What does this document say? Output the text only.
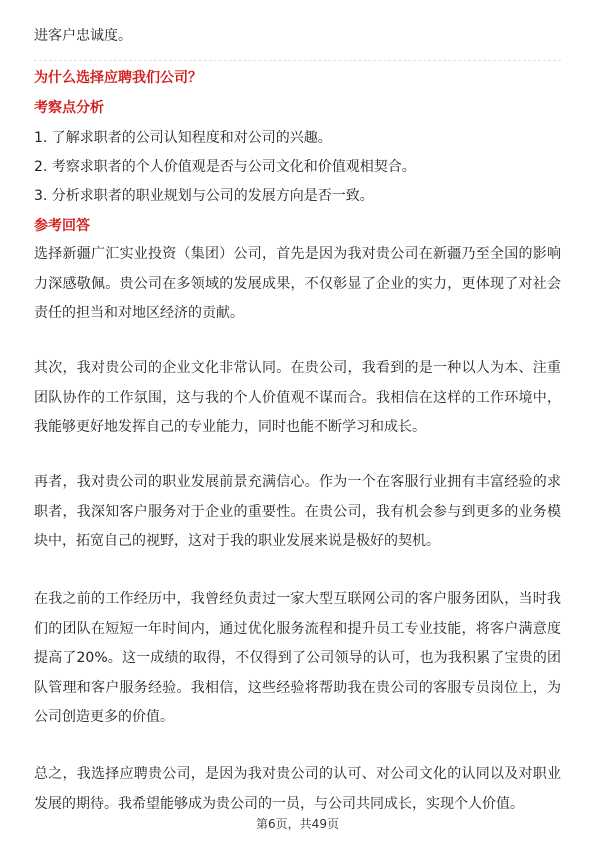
进客户忠诚度。

为什么选择应聘我们公司？
考察点分析
1. 了解求职者的公司认知程度和对公司的兴趣。
2. 考察求职者的个人价值观是否与公司文化和价值观相契合。
3. 分析求职者的职业规划与公司的发展方向是否一致。
参考回答

选择新疆广汇实业投资（集团）公司，首先是因为我对贵公司在新疆乃至全国的影响力深感敬佩。贵公司在多领域的发展成果，不仅彰显了企业的实力，更体现了对社会责任的担当和对地区经济的贡献。

其次，我对贵公司的企业文化非常认同。在贵公司，我看到的是一种以人为本、注重团队协作的工作氛围，这与我的个人价值观不谋而合。我相信在这样的工作环境中，我能够更好地发挥自己的专业能力，同时也能不断学习和成长。

再者，我对贵公司的职业发展前景充满信心。作为一个在客服行业拥有丰富经验的求职者，我深知客户服务对于企业的重要性。在贵公司，我有机会参与到更多的业务模块中，拓宽自己的视野，这对于我的职业发展来说是极好的契机。

在我之前的工作经历中，我曾经负责过一家大型互联网公司的客户服务团队，当时我们的团队在短短一年时间内，通过优化服务流程和提升员工专业技能，将客户满意度提高了20%。这一成绩的取得，不仅得到了公司领导的认可，也为我积累了宝贵的团队管理和客户服务经验。我相信，这些经验将帮助我在贵公司的客服专员岗位上，为公司创造更多的价值。

总之，我选择应聘贵公司，是因为我对贵公司的认可、对公司文化的认同以及对职业发展的期待。我希望能够成为贵公司的一员，与公司共同成长，实现个人价值。

第6页，共49页
